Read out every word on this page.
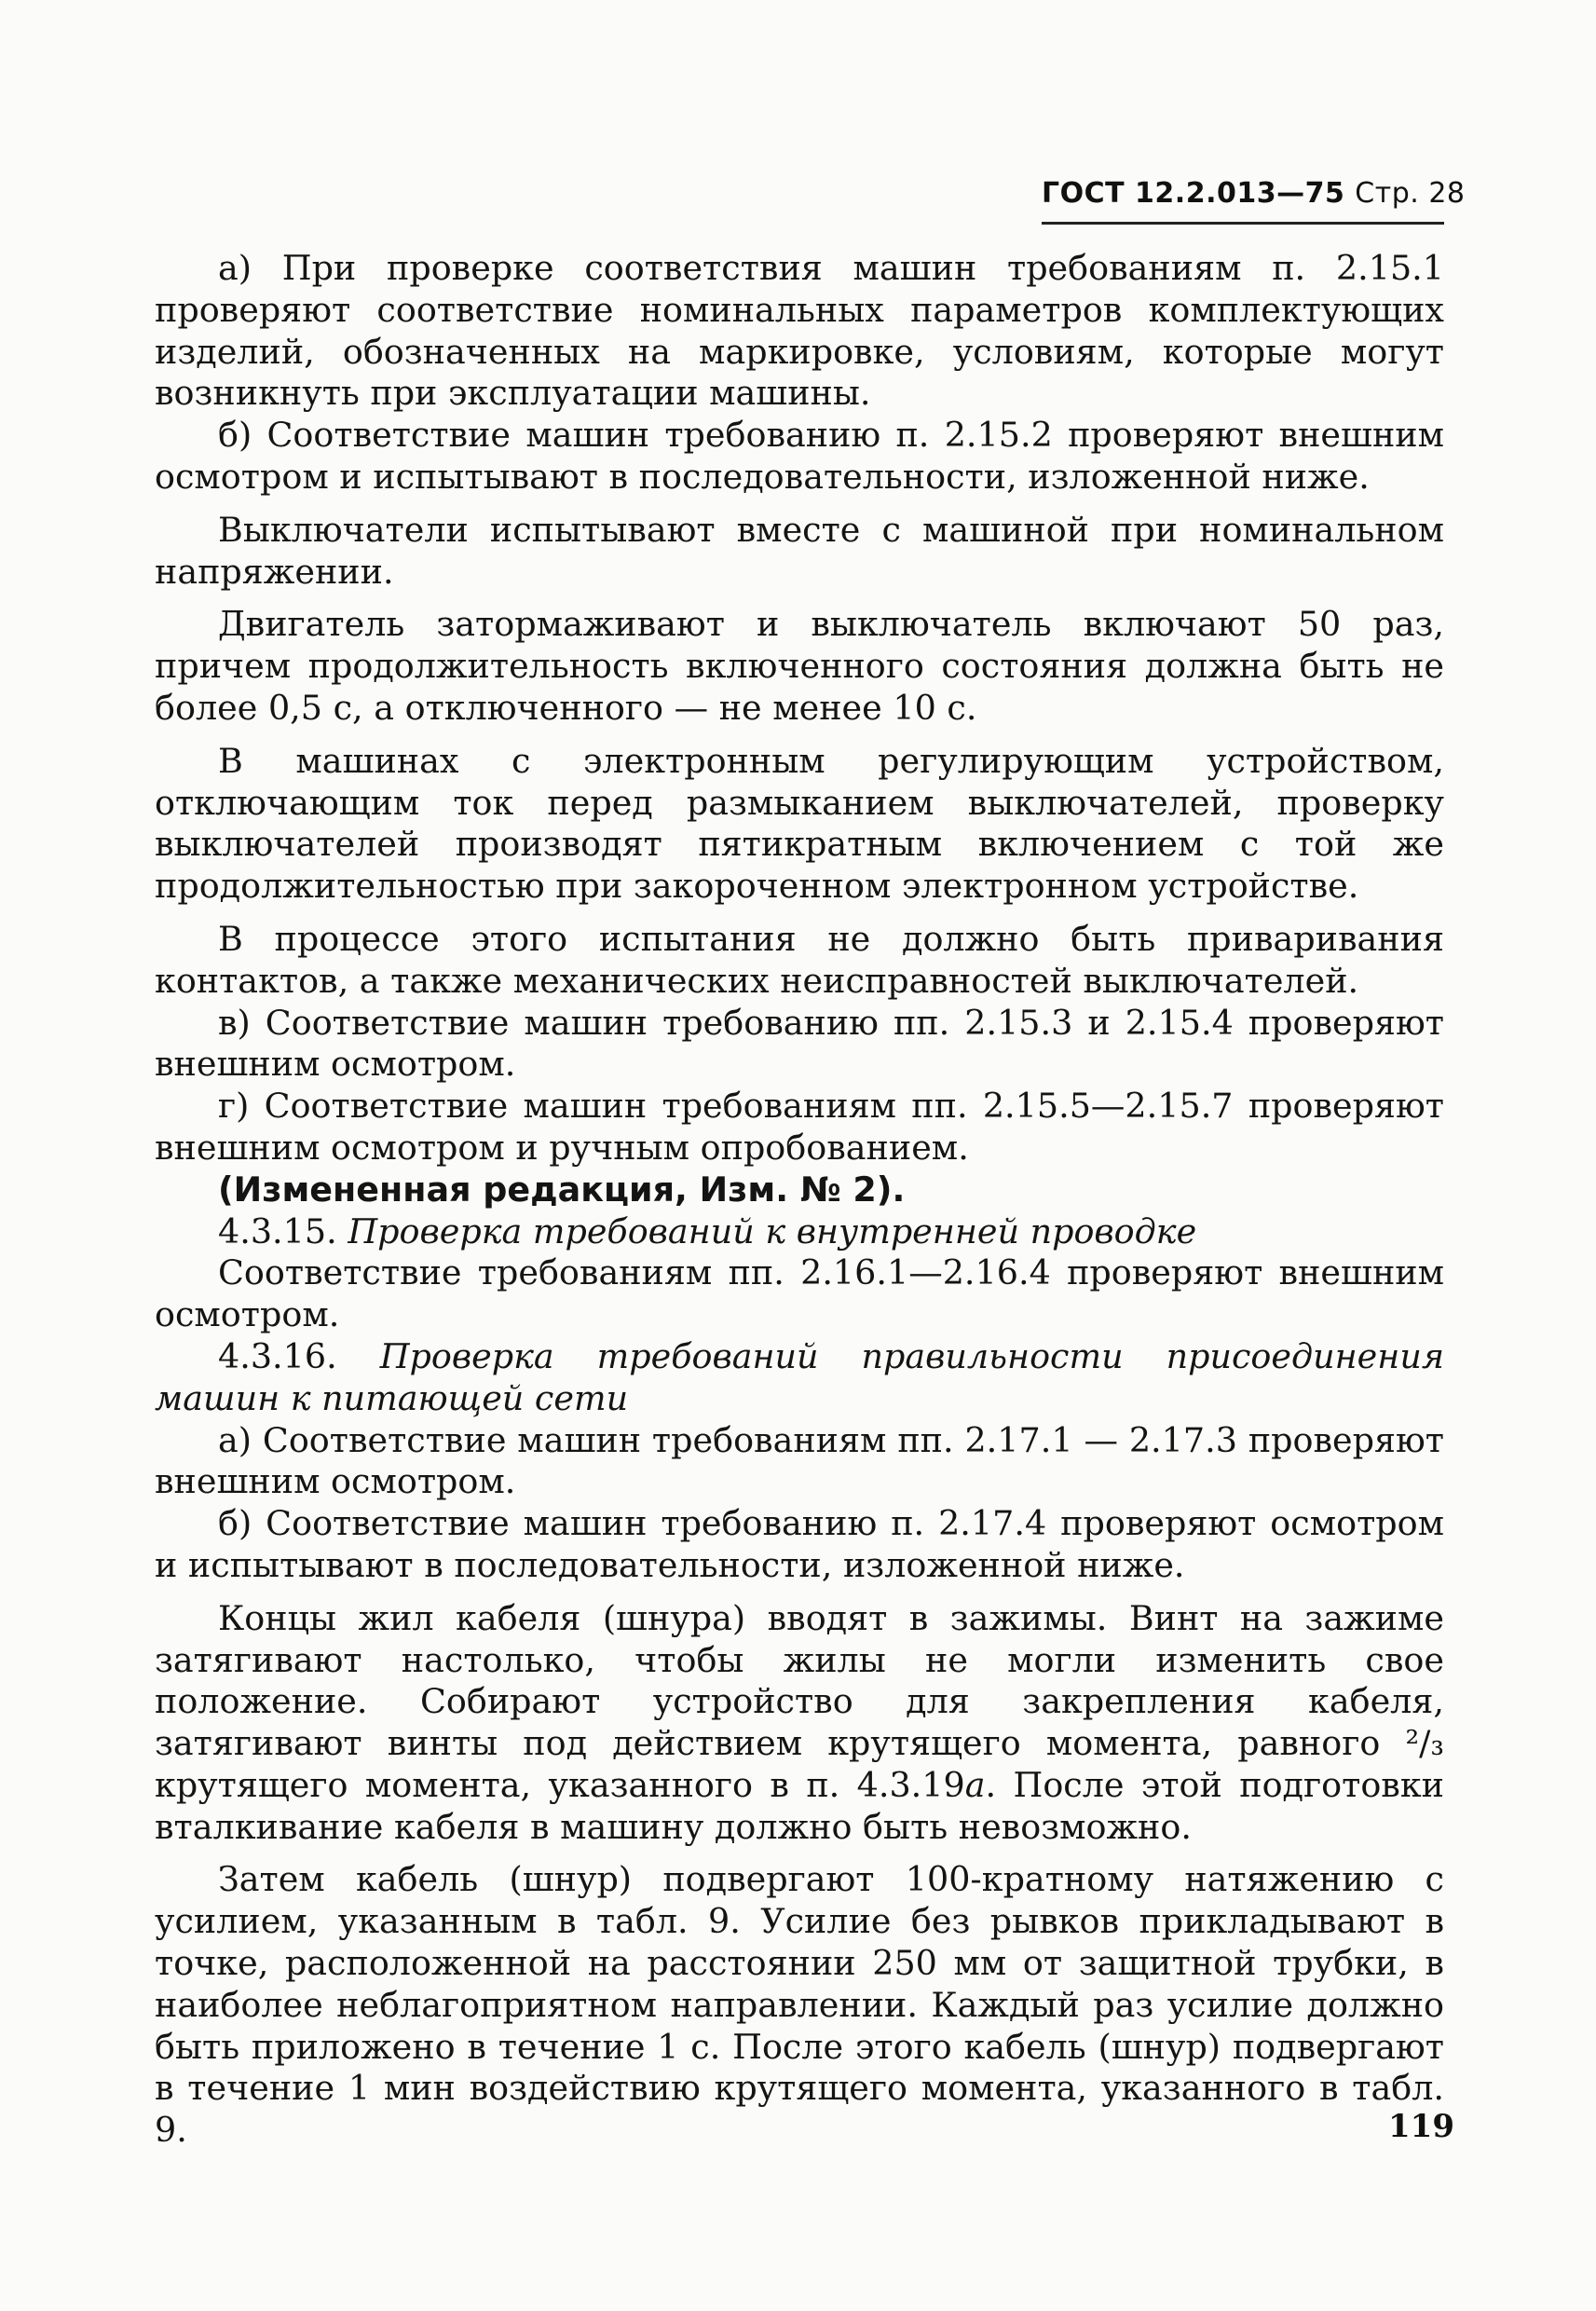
ГОСТ 12.2.013—75 Стр. 28

а) При проверке соответствия машин требованиям п. 2.15.1 проверяют соответствие номинальных параметров комплектующих изделий, обозначенных на маркировке, условиям, которые могут возникнуть при эксплуатации машины.

б) Соответствие машин требованию п. 2.15.2 проверяют внешним осмотром и испытывают в последовательности, изложенной ниже.

Выключатели испытывают вместе с машиной при номинальном напряжении.

Двигатель затормаживают и выключатель включают 50 раз, причем продолжительность включенного состояния должна быть не более 0,5 с, а отключенного — не менее 10 с.

В машинах с электронным регулирующим устройством, отключающим ток перед размыканием выключателей, проверку выключателей производят пятикратным включением с той же продолжительностью при закороченном электронном устройстве.

В процессе этого испытания не должно быть приваривания контактов, а также механических неисправностей выключателей.

в) Соответствие машин требованию пп. 2.15.3 и 2.15.4 проверяют внешним осмотром.

г) Соответствие машин требованиям пп. 2.15.5—2.15.7 проверяют внешним осмотром и ручным опробованием.

(Измененная редакция, Изм. № 2).

4.3.15. Проверка требований к внутренней проводке

Соответствие требованиям пп. 2.16.1—2.16.4 проверяют внешним осмотром.

4.3.16. Проверка требований правильности присоединения машин к питающей сети

а) Соответствие машин требованиям пп. 2.17.1 — 2.17.3 проверяют внешним осмотром.

б) Соответствие машин требованию п. 2.17.4 проверяют осмотром и испытывают в последовательности, изложенной ниже.

Концы жил кабеля (шнура) вводят в зажимы. Винт на зажиме затягивают настолько, чтобы жилы не могли изменить свое положение. Собирают устройство для закрепления кабеля, затягивают винты под действием крутящего момента, равного ²/₃ крутящего момента, указанного в п. 4.3.19а. После этой подготовки вталкивание кабеля в машину должно быть невозможно.

Затем кабель (шнур) подвергают 100-кратному натяжению с усилием, указанным в табл. 9. Усилие без рывков прикладывают в точке, расположенной на расстоянии 250 мм от защитной трубки, в наиболее неблагоприятном направлении. Каждый раз усилие должно быть приложено в течение 1 с. После этого кабель (шнур) подвергают в течение 1 мин воздействию крутящего момента, указанного в табл. 9.	119
